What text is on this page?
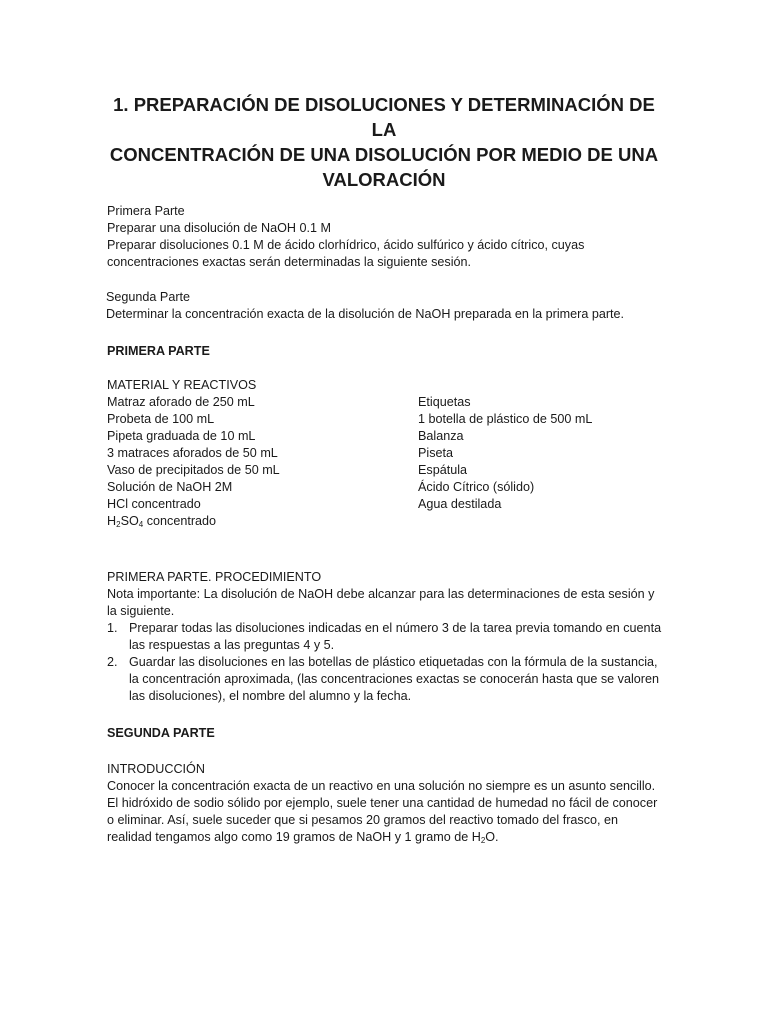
1. PREPARACIÓN DE DISOLUCIONES Y DETERMINACIÓN DE LA
CONCENTRACIÓN DE UNA DISOLUCIÓN POR MEDIO DE UNA
VALORACIÓN
Primera Parte
Preparar una disolución de NaOH 0.1 M
Preparar disoluciones 0.1 M de ácido clorhídrico, ácido sulfúrico y ácido cítrico, cuyas
concentraciones exactas serán determinadas la siguiente sesión.
Segunda Parte
Determinar la concentración exacta de la disolución de NaOH preparada en la primera parte.
PRIMERA PARTE
MATERIAL Y REACTIVOS
Matraz aforado de 250 mL
Probeta de 100 mL
Pipeta graduada de 10 mL
3 matraces aforados de 50 mL
Vaso de precipitados de 50 mL
Solución de NaOH 2M
HCl concentrado
$H_2SO_4$ concentrado
Etiquetas
1 botella de plástico de 500 mL
Balanza
Piseta
Espátula
Ácido Cítrico (sólido)
Agua destilada
PRIMERA PARTE. PROCEDIMIENTO
Nota importante: La disolución de NaOH debe alcanzar para las determinaciones de esta sesión y
la siguiente.
1. Preparar todas las disoluciones indicadas en el número 3 de la tarea previa tomando en cuenta
las respuestas a las preguntas 4 y 5.
2. Guardar las disoluciones en las botellas de plástico etiquetadas con la fórmula de la sustancia,
la concentración aproximada, (las concentraciones exactas se conocerán hasta que se valoren
las disoluciones), el nombre del alumno y la fecha.
SEGUNDA PARTE
INTRODUCCIÓN
Conocer la concentración exacta de un reactivo en una solución no siempre es un asunto sencillo.
El hidróxido de sodio sólido por ejemplo, suele tener una cantidad de humedad no fácil de conocer
o eliminar. Así, suele suceder que si pesamos 20 gramos del reactivo tomado del frasco, en
realidad tengamos algo como 19 gramos de NaOH y 1 gramo de $H_2O$.
